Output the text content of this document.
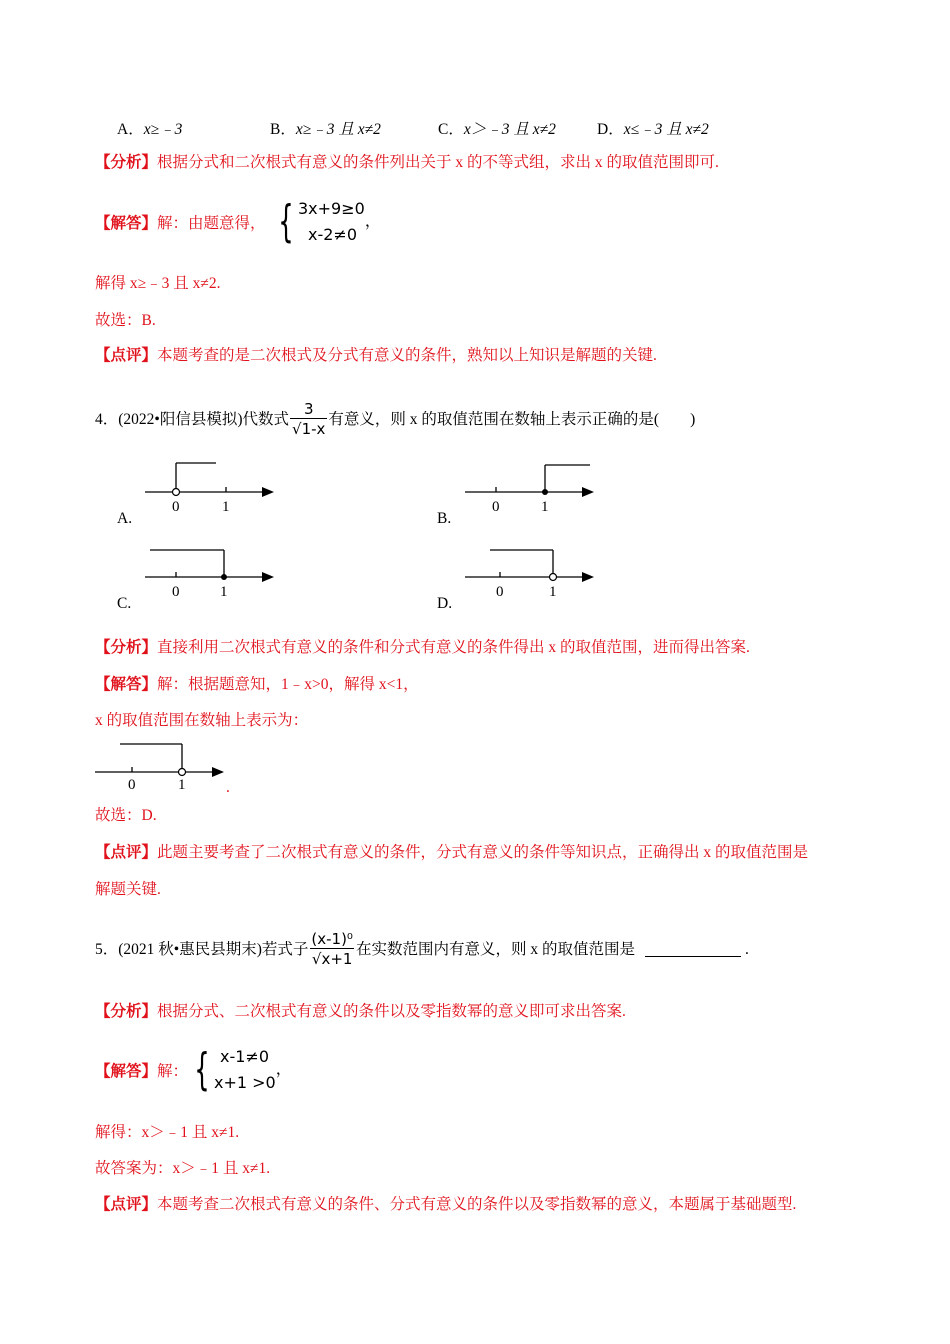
A．x≥﹣3	B．x≥﹣3 且 x≠2	C．x＞﹣3 且 x≠2	D．x≤﹣3 且 x≠2
【分析】根据分式和二次根式有意义的条件列出关于 x 的不等式组，求出 x 的取值范围即可.
【解答】解：由题意得， { 3x+9≥0
x-2≠0
，
解得 x≥﹣3 且 x≠2.
故选：B.
【点评】本题考查的是二次根式及分式有意义的条件，熟知以上知识是解题的关键.
4．(2022•阳信县模拟)代数式 $\frac{3}{√1-x}$ 有意义，则 x 的取值范围在数轴上表示正确的是(　　)
0	1
A.
0	1
B.
0	1
C.
0	1
D.
【分析】直接利用二次根式有意义的条件和分式有意义的条件得出 x 的取值范围，进而得出答案.
【解答】解：根据题意知，1﹣x>0，解得 x<1，
x 的取值范围在数轴上表示为：
0	1	.
故选：D.
【点评】此题主要考查了二次根式有意义的条件，分式有意义的条件等知识点，正确得出 x 的取值范围是
解题关键.
5．(2021 秋•惠民县期末)若式子 $\frac{\text{(x-1)⁰}}{√x+1}$ 在实数范围内有意义，则 x 的取值范围是	.
【分析】根据分式、二次根式有意义的条件以及零指数幂的意义即可求出答案.
【解答】解： { x-1≠0
x+1 >0
，
解得：x＞﹣1 且 x≠1.
故答案为：x＞﹣1 且 x≠1.
【点评】本题考查二次根式有意义的条件、分式有意义的条件以及零指数幂的意义，本题属于基础题型.
